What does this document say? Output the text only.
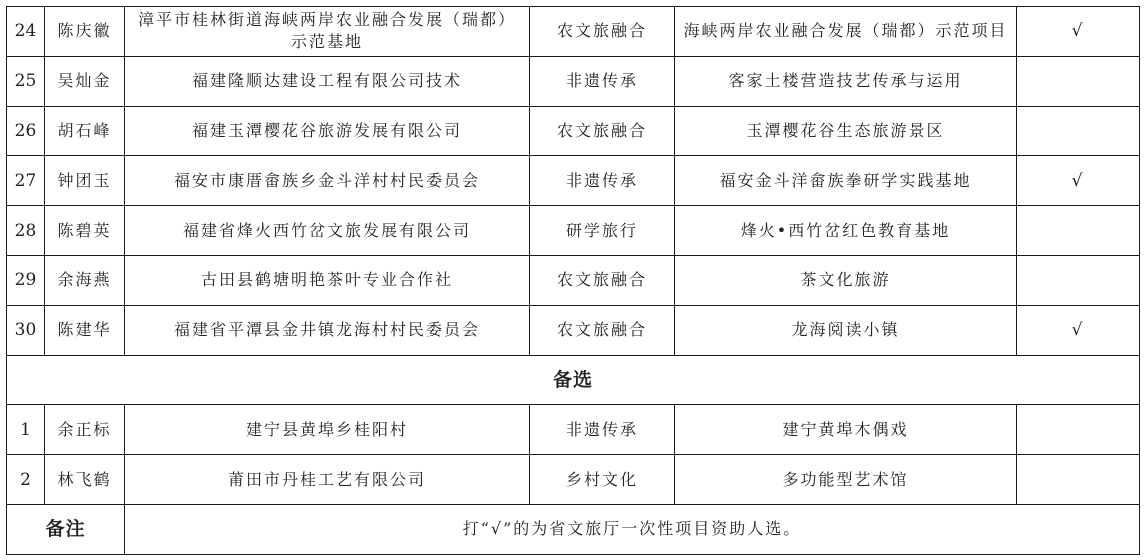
24	陈庆徽	漳平市桂林街道海峡两岸农业融合发展（瑞都）示范基地	农文旅融合	海峡两岸农业融合发展（瑞都）示范项目	√
25	吴灿金	福建隆顺达建设工程有限公司技术	非遗传承	客家土楼营造技艺传承与运用	
26	胡石峰	福建玉潭樱花谷旅游发展有限公司	农文旅融合	玉潭樱花谷生态旅游景区	
27	钟团玉	福安市康厝畲族乡金斗洋村村民委员会	非遗传承	福安金斗洋畲族拳研学实践基地	√
28	陈碧英	福建省烽火西竹岔文旅发展有限公司	研学旅行	烽火•西竹岔红色教育基地	
29	余海燕	古田县鹤塘明艳茶叶专业合作社	农文旅融合	茶文化旅游	
30	陈建华	福建省平潭县金井镇龙海村村民委员会	农文旅融合	龙海阅读小镇	√
备选					
1	余正标	建宁县黄埠乡桂阳村	非遗传承	建宁黄埠木偶戏	
2	林飞鹤	莆田市丹桂工艺有限公司	乡村文化	多功能型艺术馆	
备注		打“√”的为省文旅厅一次性项目资助人选。			
